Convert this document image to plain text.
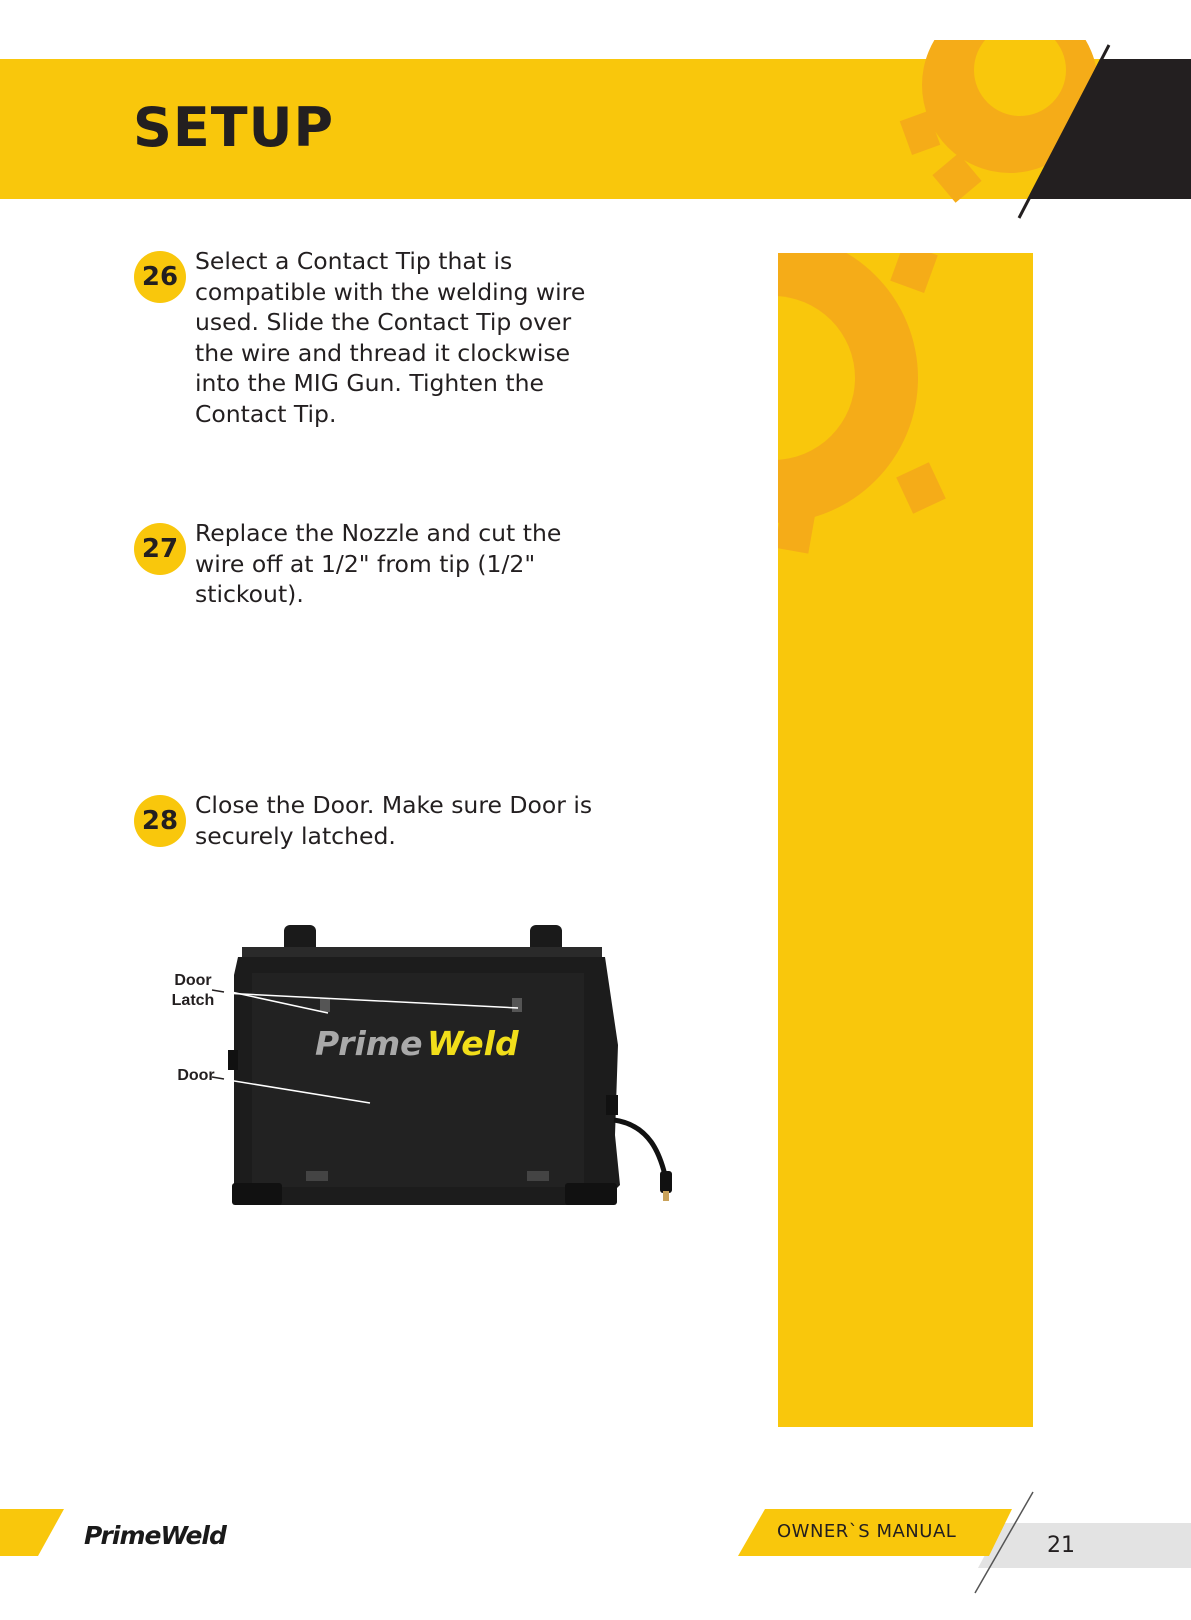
SETUP
26
Select a Contact Tip that is compatible with the welding wire used. Slide the Contact Tip over the wire and thread it clockwise into the MIG Gun. Tighten the Contact Tip.
27
Replace the Nozzle and cut the wire off at 1/2" from tip (1/2" stickout).
28
Close the Door. Make sure Door is securely latched.
Prime Weld
Door
Latch
Door
PrimeWeld	OWNER`S MANUAL
21
